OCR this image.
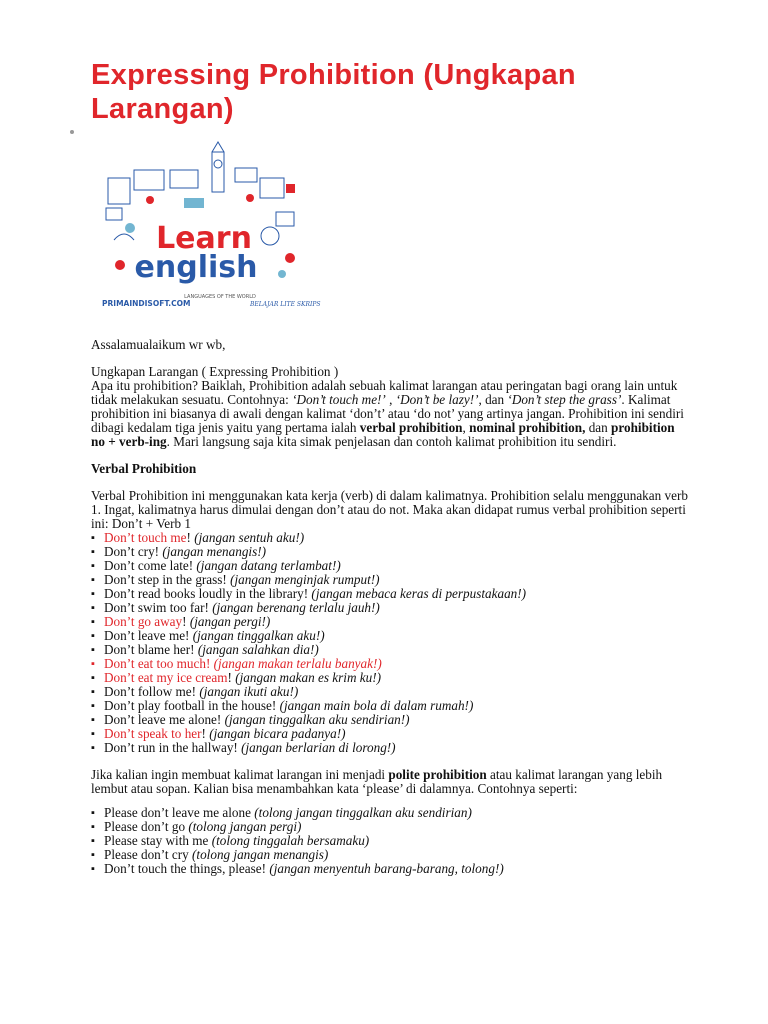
Expressing Prohibition (Ungkapan Larangan)
Learn
english
LANGUAGES OF THE WORLD
PRIMAINDISOFT.COM	BELAJAR LITE SKRIPS

Assalamualaikum wr wb,

Ungkapan Larangan ( Expressing Prohibition )

Apa itu prohibition? Baiklah, Prohibition adalah sebuah kalimat larangan atau peringatan bagi orang lain untuk tidak melakukan sesuatu. Contohnya: ‘Don’t touch me!’ , ‘Don’t be lazy!’, dan ‘Don’t step the grass’. Kalimat prohibition ini biasanya di awali dengan kalimat ‘don’t’ atau ‘do not’ yang artinya jangan. Prohibition ini sendiri dibagi kedalam tiga jenis yaitu yang pertama ialah verbal prohibition, nominal prohibition, dan prohibition no + verb-ing. Mari langsung saja kita simak penjelasan dan contoh kalimat prohibition itu sendiri.

Verbal Prohibition

Verbal Prohibition ini menggunakan kata kerja (verb) di dalam kalimatnya. Prohibition selalu menggunakan verb 1. Ingat, kalimatnya harus dimulai dengan don’t atau do not. Maka akan didapat rumus verbal prohibition seperti ini: Don’t + Verb 1

▪ Don’t touch me! (jangan sentuh aku!)
▪ Don’t cry! (jangan menangis!)
▪ Don’t come late! (jangan datang terlambat!)
▪ Don’t step in the grass! (jangan menginjak rumput!)
▪ Don’t read books loudly in the library! (jangan mebaca keras di perpustakaan!)
▪ Don’t swim too far! (jangan berenang terlalu jauh!)
▪ Don’t go away! (jangan pergi!)
▪ Don’t leave me! (jangan tinggalkan aku!)
▪ Don’t blame her! (jangan salahkan dia!)
▪ Don’t eat too much! (jangan makan terlalu banyak!)
▪ Don’t eat my ice cream! (jangan makan es krim ku!)
▪ Don’t follow me! (jangan ikuti aku!)
▪ Don’t play football in the house! (jangan main bola di dalam rumah!)
▪ Don’t leave me alone! (jangan tinggalkan aku sendirian!)
▪ Don’t speak to her! (jangan bicara padanya!)
▪ Don’t run in the hallway! (jangan berlarian di lorong!)

Jika kalian ingin membuat kalimat larangan ini menjadi polite prohibition atau kalimat larangan yang lebih lembut atau sopan. Kalian bisa menambahkan kata ‘please’ di dalamnya. Contohnya seperti:

▪ Please don’t leave me alone (tolong jangan tinggalkan aku sendirian)
▪ Please don’t go (tolong jangan pergi)
▪ Please stay with me (tolong tinggalah bersamaku)
▪ Please don’t cry (tolong jangan menangis)
▪ Don’t touch the things, please! (jangan menyentuh barang-barang, tolong!)
